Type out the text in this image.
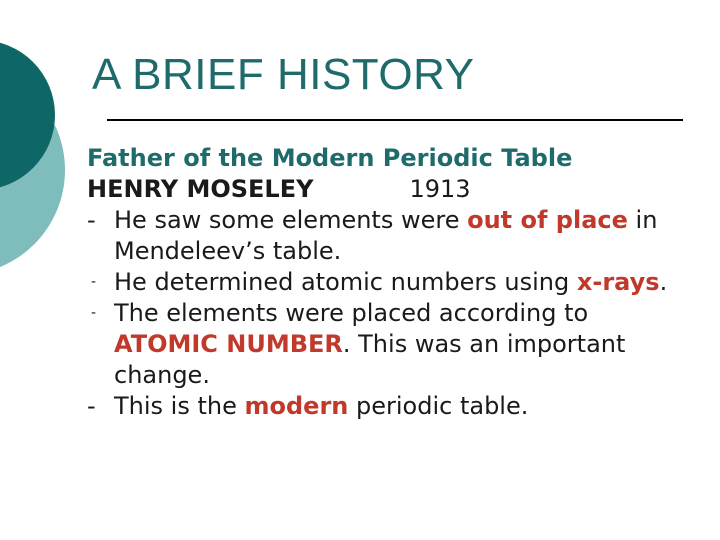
A BRIEF HISTORY
Father of the Modern Periodic Table
HENRY MOSELEY	1913
- He saw some elements were out of place in Mendeleev’s table.
- He determined atomic numbers using x-rays.
- The elements were placed according to ATOMIC NUMBER. This was an important change.
- This is the modern periodic table.
